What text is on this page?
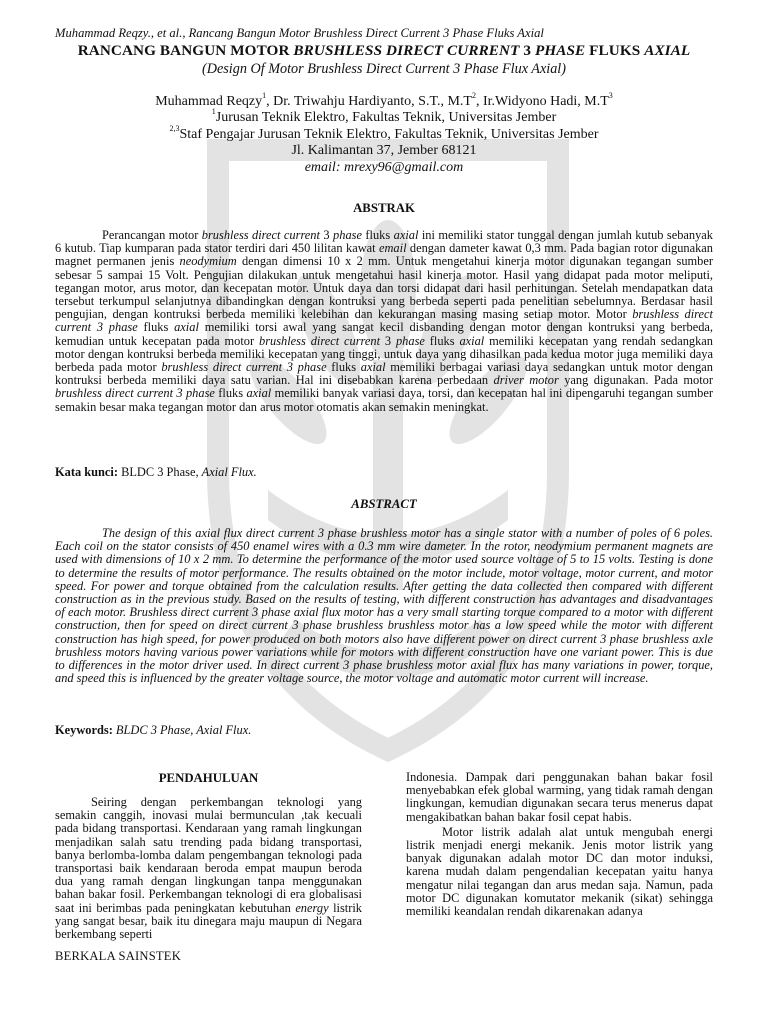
Muhammad Reqzy., et al., Rancang Bangun Motor Brushless Direct Current 3 Phase Fluks Axial
RANCANG BANGUN MOTOR BRUSHLESS DIRECT CURRENT 3 PHASE FLUKS AXIAL
(Design Of Motor Brushless Direct Current 3 Phase Flux Axial)
Muhammad Reqzy$^1$, Dr. Triwahju Hardiyanto, S.T., $M.T^2$, Ir.Widyono Hadi, $M.T^3$
$^1$Jurusan Teknik Elektro, Fakultas Teknik, Universitas Jember
$^{2,3}$Staf Pengajar Jurusan Teknik Elektro, Fakultas Teknik, Universitas Jember
Jl. Kalimantan 37, Jember 68121
email: mrexy96@gmail.com
ABSTRAK

Perancangan motor brushless direct current 3 phase fluks axial ini memiliki stator tunggal dengan jumlah kutub sebanyak 6 kutub. Tiap kumparan pada stator terdiri dari 450 lilitan kawat email dengan dameter kawat 0,3 mm. Pada bagian rotor digunakan magnet permanen jenis neodymium dengan dimensi 10 x 2 mm. Untuk mengetahui kinerja motor digunakan tegangan sumber sebesar 5 sampai 15 Volt. Pengujian dilakukan untuk mengetahui hasil kinerja motor. Hasil yang didapat pada motor meliputi, tegangan motor, arus motor, dan kecepatan motor. Untuk daya dan torsi didapat dari hasil perhitungan. Setelah mendapatkan data tersebut terkumpul selanjutnya dibandingkan dengan kontruksi yang berbeda seperti pada penelitian sebelumnya. Berdasar hasil pengujian, dengan kontruksi berbeda memiliki kelebihan dan kekurangan masing masing setiap motor. Motor brushless direct current 3 phase fluks axial memiliki torsi awal yang sangat kecil disbanding dengan motor dengan kontruksi yang berbeda, kemudian untuk kecepatan pada motor brushless direct current 3 phase fluks axial memiliki kecepatan yang rendah sedangkan motor dengan kontruksi berbeda memiliki kecepatan yang tinggi, untuk daya yang dihasilkan pada kedua motor juga memiliki daya berbeda pada motor brushless direct current 3 phase fluks axial memiliki berbagai variasi daya sedangkan untuk motor dengan kontruksi berbeda memiliki daya satu varian. Hal ini disebabkan karena perbedaan driver motor yang digunakan. Pada motor brushless direct current 3 phase fluks axial memiliki banyak variasi daya, torsi, dan kecepatan hal ini dipengaruhi tegangan sumber semakin besar maka tegangan motor dan arus motor otomatis akan semakin meningkat.

Kata kunci: BLDC 3 Phase, Axial Flux.
ABSTRACT

The design of this axial flux direct current 3 phase brushless motor has a single stator with a number of poles of 6 poles. Each coil on the stator consists of 450 enamel wires with a 0.3 mm wire dameter. In the rotor, neodymium permanent magnets are used with dimensions of 10 x 2 mm. To determine the performance of the motor used source voltage of 5 to 15 volts. Testing is done to determine the results of motor performance. The results obtained on the motor include, motor voltage, motor current, and motor speed. For power and torque obtained from the calculation results. After getting the data collected then compared with different construction as in the previous study. Based on the results of testing, with different construction has advantages and disadvantages of each motor. Brushless direct current 3 phase axial flux motor has a very small starting torque compared to a motor with different construction, then for speed on direct current 3 phase brushless brushless motor has a low speed while the motor with different construction has high speed, for power produced on both motors also have different power on direct current 3 phase brushless axle brushless motors having various power variations while for motors with different construction have one variant power. This is due to differences in the motor driver used. In direct current 3 phase brushless motor axial flux has many variations in power, torque, and speed this is influenced by the greater voltage source, the motor voltage and automatic motor current will increase.

Keywords: BLDC 3 Phase, Axial Flux.
PENDAHULUAN

Seiring dengan perkembangan teknologi yang semakin canggih, inovasi mulai bermunculan ,tak kecuali pada bidang transportasi. Kendaraan yang ramah lingkungan menjadikan salah satu trending pada bidang transportasi, banya berlomba-lomba dalam pengembangan teknologi pada transportasi baik kendaraan beroda empat maupun beroda dua yang ramah dengan lingkungan tanpa menggunakan bahan bakar fosil. Perkembangan teknologi di era globalisasi saat ini berimbas pada peningkatan kebutuhan energy listrik yang sangat besar, baik itu dinegara maju maupun di Negara berkembang seperti

Indonesia. Dampak dari penggunakan bahan bakar fosil menyebabkan efek global warming, yang tidak ramah dengan lingkungan, kemudian digunakan secara terus menerus dapat mengakibatkan bahan bakar fosil cepat habis.

Motor listrik adalah alat untuk mengubah energi listrik menjadi energi mekanik. Jenis motor listrik yang banyak digunakan adalah motor DC dan motor induksi, karena mudah dalam pengendalian kecepatan yaitu hanya mengatur nilai tegangan dan arus medan saja. Namun, pada motor DC digunakan komutator mekanik (sikat) sehingga memiliki keandalan rendah dikarenakan adanya

BERKALA SAINSTEK
